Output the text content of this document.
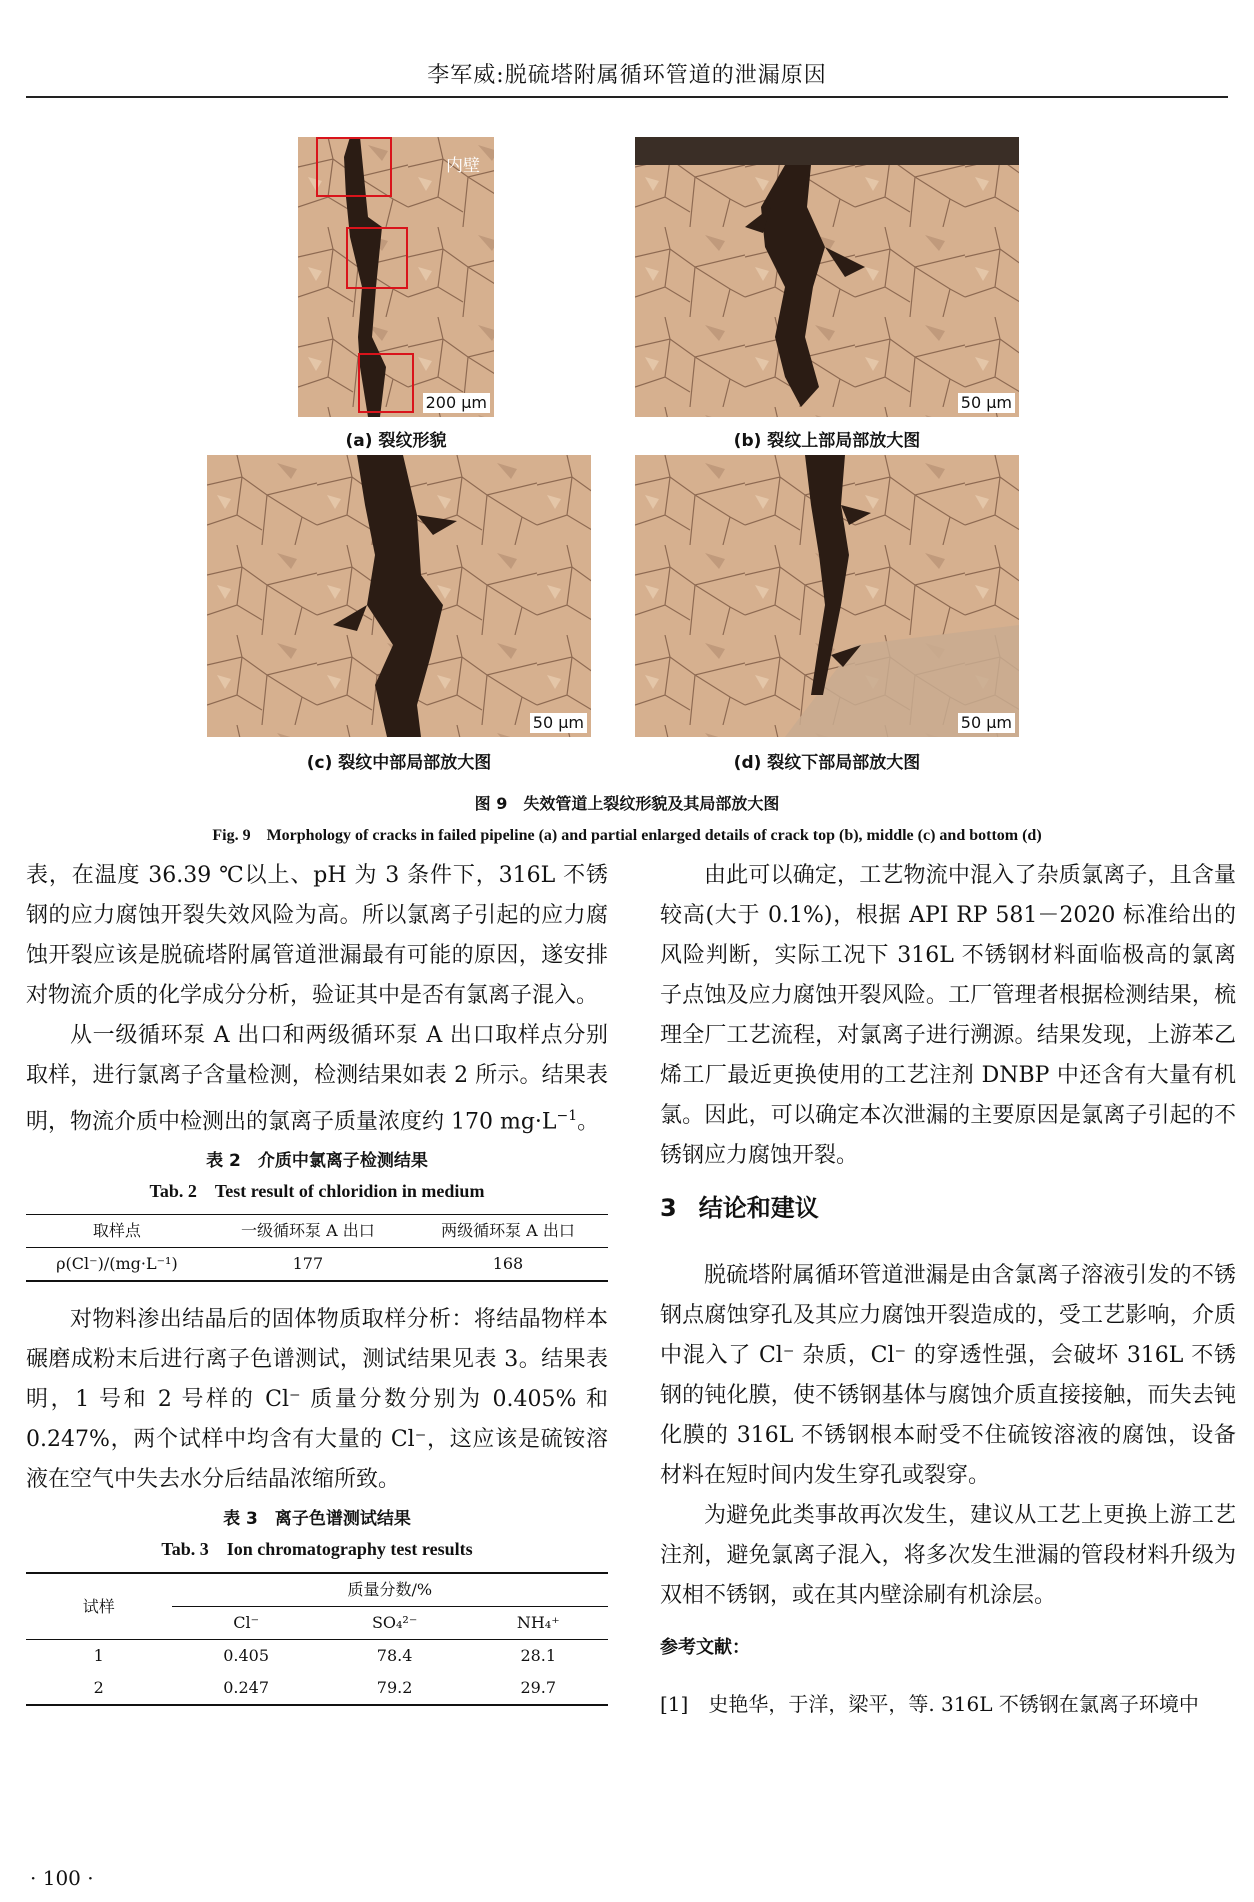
李军威:脱硫塔附属循环管道的泄漏原因
内壁
200 μm
(a) 裂纹形貌
50 μm
(b) 裂纹上部局部放大图
50 μm
(c) 裂纹中部局部放大图
50 μm
(d) 裂纹下部局部放大图
图 9　失效管道上裂纹形貌及其局部放大图
Fig. 9　Morphology of cracks in failed pipeline (a) and partial enlarged details of crack top (b), middle (c) and bottom (d)

表，在温度 36.39 ℃以上、pH 为 3 条件下，316L 不锈钢的应力腐蚀开裂失效风险为高。所以氯离子引起的应力腐蚀开裂应该是脱硫塔附属管道泄漏最有可能的原因，遂安排对物流介质的化学成分分析，验证其中是否有氯离子混入。

从一级循环泵 A 出口和两级循环泵 A 出口取样点分别取样，进行氯离子含量检测，检测结果如表 2 所示。结果表明，物流介质中检测出的氯离子质量浓度约 170 $mg\cdot L^{-1}$。

表 2　介质中氯离子检测结果
Tab. 2　Test result of chloridion in medium
取样点	一级循环泵 A 出口	两级循环泵 A 出口
ρ(Cl⁻)/(mg·L⁻¹)	177	168

对物料渗出结晶后的固体物质取样分析：将结晶物样本碾磨成粉末后进行离子色谱测试，测试结果见表 3。结果表明，1 号和 2 号样的 Cl⁻ 质量分数分别为 0.405% 和 0.247%，两个试样中均含有大量的 Cl⁻，这应该是硫铵溶液在空气中失去水分后结晶浓缩所致。

表 3　离子色谱测试结果
Tab. 3　Ion chromatography test results
试样	质量分数/%		
	Cl⁻	SO₄²⁻	NH₄⁺
1	0.405	78.4	28.1
2	0.247	79.2	29.7

由此可以确定，工艺物流中混入了杂质氯离子，且含量较高(大于 0.1%)，根据 API RP 581－2020 标准给出的风险判断，实际工况下 316L 不锈钢材料面临极高的氯离子点蚀及应力腐蚀开裂风险。工厂管理者根据检测结果，梳理全厂工艺流程，对氯离子进行溯源。结果发现，上游苯乙烯工厂最近更换使用的工艺注剂 DNBP 中还含有大量有机氯。因此，可以确定本次泄漏的主要原因是氯离子引起的不锈钢应力腐蚀开裂。

3 结论和建议

脱硫塔附属循环管道泄漏是由含氯离子溶液引发的不锈钢点腐蚀穿孔及其应力腐蚀开裂造成的，受工艺影响，介质中混入了 Cl⁻ 杂质，Cl⁻ 的穿透性强，会破坏 316L 不锈钢的钝化膜，使不锈钢基体与腐蚀介质直接接触，而失去钝化膜的 316L 不锈钢根本耐受不住硫铵溶液的腐蚀，设备材料在短时间内发生穿孔或裂穿。

为避免此类事故再次发生，建议从工艺上更换上游工艺注剂，避免氯离子混入，将多次发生泄漏的管段材料升级为双相不锈钢，或在其内壁涂刷有机涂层。

参考文献：
[1]　史艳华，于洋，梁平，等. 316L 不锈钢在氯离子环境中
· 100 ·
